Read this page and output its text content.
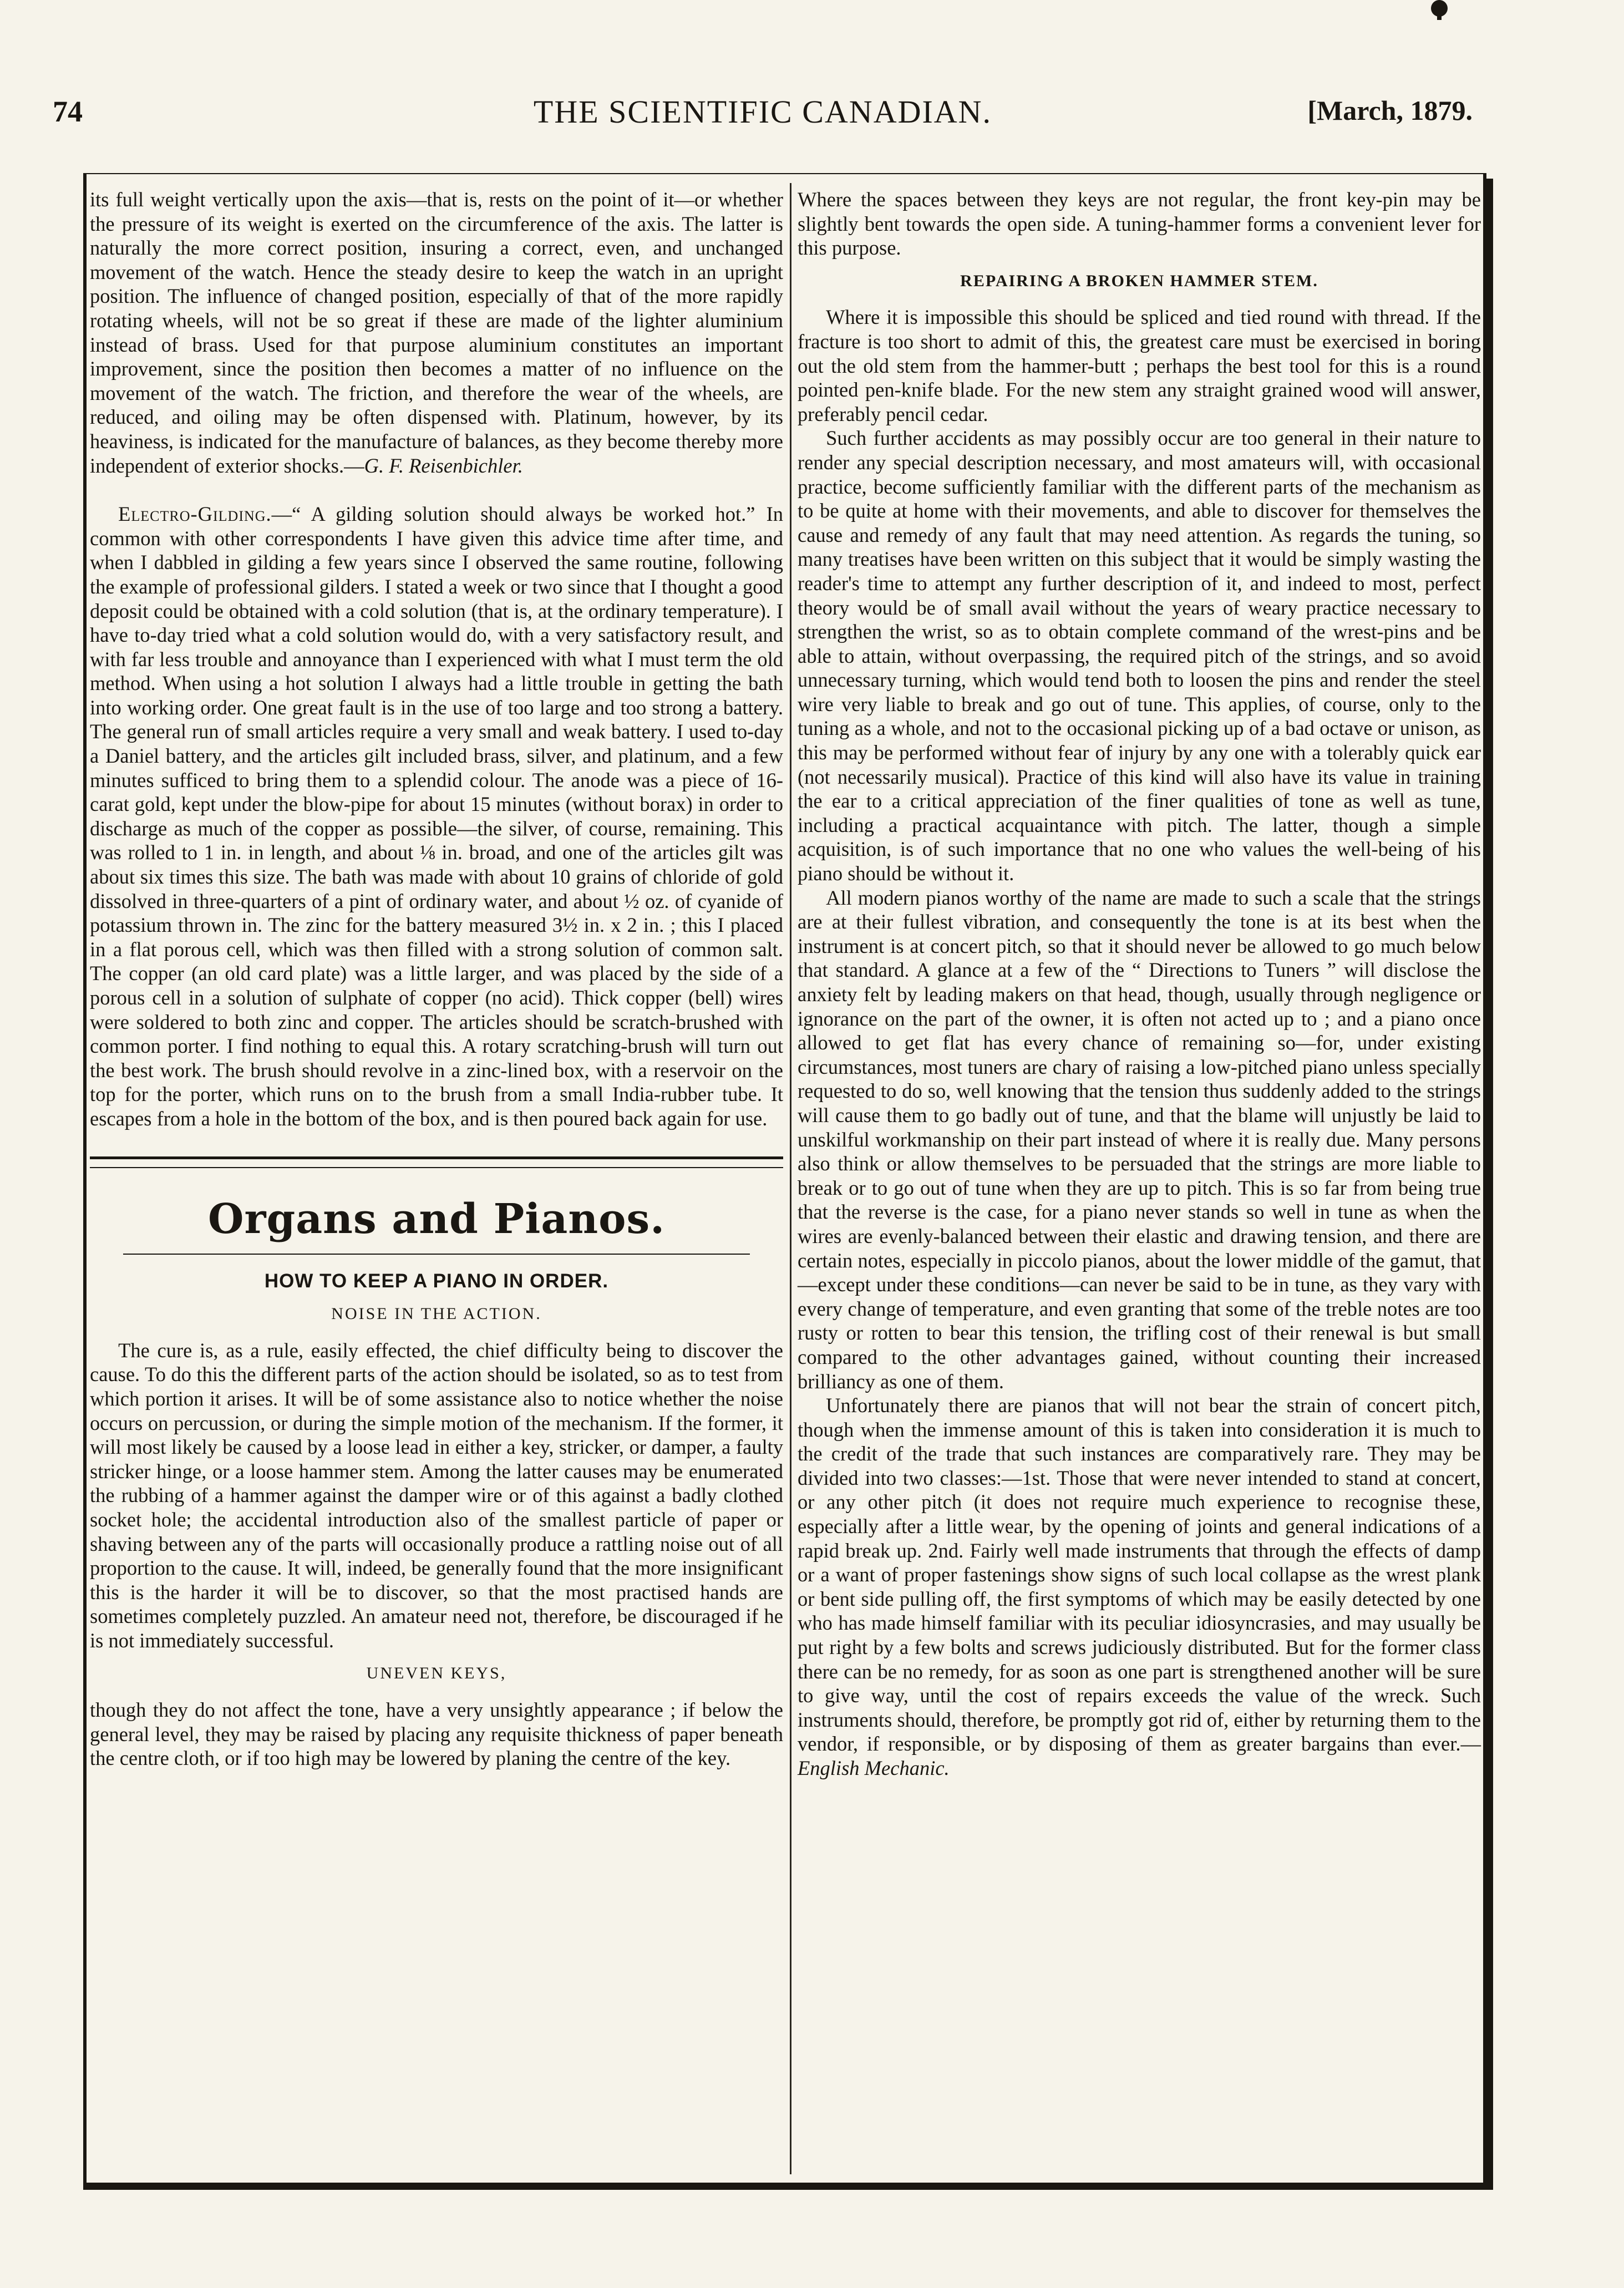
74	THE SCIENTIFIC CANADIAN.	[March, 1879.

its full weight vertically upon the axis—that is, rests on the point of it—or whether the pressure of its weight is exerted on the circumference of the axis. The latter is naturally the more correct position, insuring a correct, even, and unchanged movement of the watch. Hence the steady desire to keep the watch in an upright position. The influence of changed position, especially of that of the more rapidly rotating wheels, will not be so great if these are made of the lighter aluminium instead of brass. Used for that purpose aluminium constitutes an important improvement, since the position then becomes a matter of no influence on the movement of the watch. The friction, and therefore the wear of the wheels, are reduced, and oiling may be often dispensed with. Platinum, however, by its heaviness, is indicated for the manufacture of balances, as they become thereby more independent of exterior shocks.—G. F. Reisenbichler.

Electro-Gilding.—“ A gilding solution should always be worked hot.” In common with other correspondents I have given this advice time after time, and when I dabbled in gilding a few years since I observed the same routine, following the example of professional gilders. I stated a week or two since that I thought a good deposit could be obtained with a cold solution (that is, at the ordinary temperature). I have to-day tried what a cold solution would do, with a very satisfactory result, and with far less trouble and annoyance than I experienced with what I must term the old method. When using a hot solution I always had a little trouble in getting the bath into working order. One great fault is in the use of too large and too strong a battery. The general run of small articles require a very small and weak battery. I used to-day a Daniel battery, and the articles gilt included brass, silver, and platinum, and a few minutes sufficed to bring them to a splendid colour. The anode was a piece of 16-carat gold, kept under the blow-pipe for about 15 minutes (without borax) in order to discharge as much of the copper as possible—the silver, of course, remaining. This was rolled to 1 in. in length, and about ⅛ in. broad, and one of the articles gilt was about six times this size. The bath was made with about 10 grains of chloride of gold dissolved in three-quarters of a pint of ordinary water, and about ½ oz. of cyanide of potassium thrown in. The zinc for the battery measured 3½ in. x 2 in. ; this I placed in a flat porous cell, which was then filled with a strong solution of common salt. The copper (an old card plate) was a little larger, and was placed by the side of a porous cell in a solution of sulphate of copper (no acid). Thick copper (bell) wires were soldered to both zinc and copper. The articles should be scratch-brushed with common porter. I find nothing to equal this. A rotary scratching-brush will turn out the best work. The brush should revolve in a zinc-lined box, with a reservoir on the top for the porter, which runs on to the brush from a small India-rubber tube. It escapes from a hole in the bottom of the box, and is then poured back again for use.

Organs and Pianos.
HOW TO KEEP A PIANO IN ORDER.
NOISE IN THE ACTION.

The cure is, as a rule, easily effected, the chief difficulty being to discover the cause. To do this the different parts of the action should be isolated, so as to test from which portion it arises. It will be of some assistance also to notice whether the noise occurs on percussion, or during the simple motion of the mechanism. If the former, it will most likely be caused by a loose lead in either a key, stricker, or damper, a faulty stricker hinge, or a loose hammer stem. Among the latter causes may be enumerated the rubbing of a hammer against the damper wire or of this against a badly clothed socket hole; the accidental introduction also of the smallest particle of paper or shaving between any of the parts will occasionally produce a rattling noise out of all proportion to the cause. It will, indeed, be generally found that the more insignificant this is the harder it will be to discover, so that the most practised hands are sometimes completely puzzled. An amateur need not, therefore, be discouraged if he is not immediately successful.

UNEVEN KEYS,

though they do not affect the tone, have a very unsightly appearance ; if below the general level, they may be raised by placing any requisite thickness of paper beneath the centre cloth, or if too high may be lowered by planing the centre of the key.

Where the spaces between they keys are not regular, the front key-pin may be slightly bent towards the open side. A tuning-hammer forms a convenient lever for this purpose.

REPAIRING A BROKEN HAMMER STEM.

Where it is impossible this should be spliced and tied round with thread. If the fracture is too short to admit of this, the greatest care must be exercised in boring out the old stem from the hammer-butt ; perhaps the best tool for this is a round pointed pen-knife blade. For the new stem any straight grained wood will answer, preferably pencil cedar.

Such further accidents as may possibly occur are too general in their nature to render any special description necessary, and most amateurs will, with occasional practice, become sufficiently familiar with the different parts of the mechanism as to be quite at home with their movements, and able to discover for themselves the cause and remedy of any fault that may need attention. As regards the tuning, so many treatises have been written on this subject that it would be simply wasting the reader's time to attempt any further description of it, and indeed to most, perfect theory would be of small avail without the years of weary practice necessary to strengthen the wrist, so as to obtain complete command of the wrest-pins and be able to attain, without overpassing, the required pitch of the strings, and so avoid unnecessary turning, which would tend both to loosen the pins and render the steel wire very liable to break and go out of tune. This applies, of course, only to the tuning as a whole, and not to the occasional picking up of a bad octave or unison, as this may be performed without fear of injury by any one with a tolerably quick ear (not necessarily musical). Practice of this kind will also have its value in training the ear to a critical appreciation of the finer qualities of tone as well as tune, including a practical acquaintance with pitch. The latter, though a simple acquisition, is of such importance that no one who values the well-being of his piano should be without it.

All modern pianos worthy of the name are made to such a scale that the strings are at their fullest vibration, and consequently the tone is at its best when the instrument is at concert pitch, so that it should never be allowed to go much below that standard. A glance at a few of the “ Directions to Tuners ” will disclose the anxiety felt by leading makers on that head, though, usually through negligence or ignorance on the part of the owner, it is often not acted up to ; and a piano once allowed to get flat has every chance of remaining so—for, under existing circumstances, most tuners are chary of raising a low-pitched piano unless specially requested to do so, well knowing that the tension thus suddenly added to the strings will cause them to go badly out of tune, and that the blame will unjustly be laid to unskilful workmanship on their part instead of where it is really due. Many persons also think or allow themselves to be persuaded that the strings are more liable to break or to go out of tune when they are up to pitch. This is so far from being true that the reverse is the case, for a piano never stands so well in tune as when the wires are evenly-balanced between their elastic and drawing tension, and there are certain notes, especially in piccolo pianos, about the lower middle of the gamut, that—except under these conditions—can never be said to be in tune, as they vary with every change of temperature, and even granting that some of the treble notes are too rusty or rotten to bear this tension, the trifling cost of their renewal is but small compared to the other advantages gained, without counting their increased brilliancy as one of them.

Unfortunately there are pianos that will not bear the strain of concert pitch, though when the immense amount of this is taken into consideration it is much to the credit of the trade that such instances are comparatively rare. They may be divided into two classes:—1st. Those that were never intended to stand at concert, or any other pitch (it does not require much experience to recognise these, especially after a little wear, by the opening of joints and general indications of a rapid break up. 2nd. Fairly well made instruments that through the effects of damp or a want of proper fastenings show signs of such local collapse as the wrest plank or bent side pulling off, the first symptoms of which may be easily detected by one who has made himself familiar with its peculiar idiosyncrasies, and may usually be put right by a few bolts and screws judiciously distributed. But for the former class there can be no remedy, for as soon as one part is strengthened another will be sure to give way, until the cost of repairs exceeds the value of the wreck. Such instruments should, therefore, be promptly got rid of, either by returning them to the vendor, if responsible, or by disposing of them as greater bargains than ever.—English Mechanic.
